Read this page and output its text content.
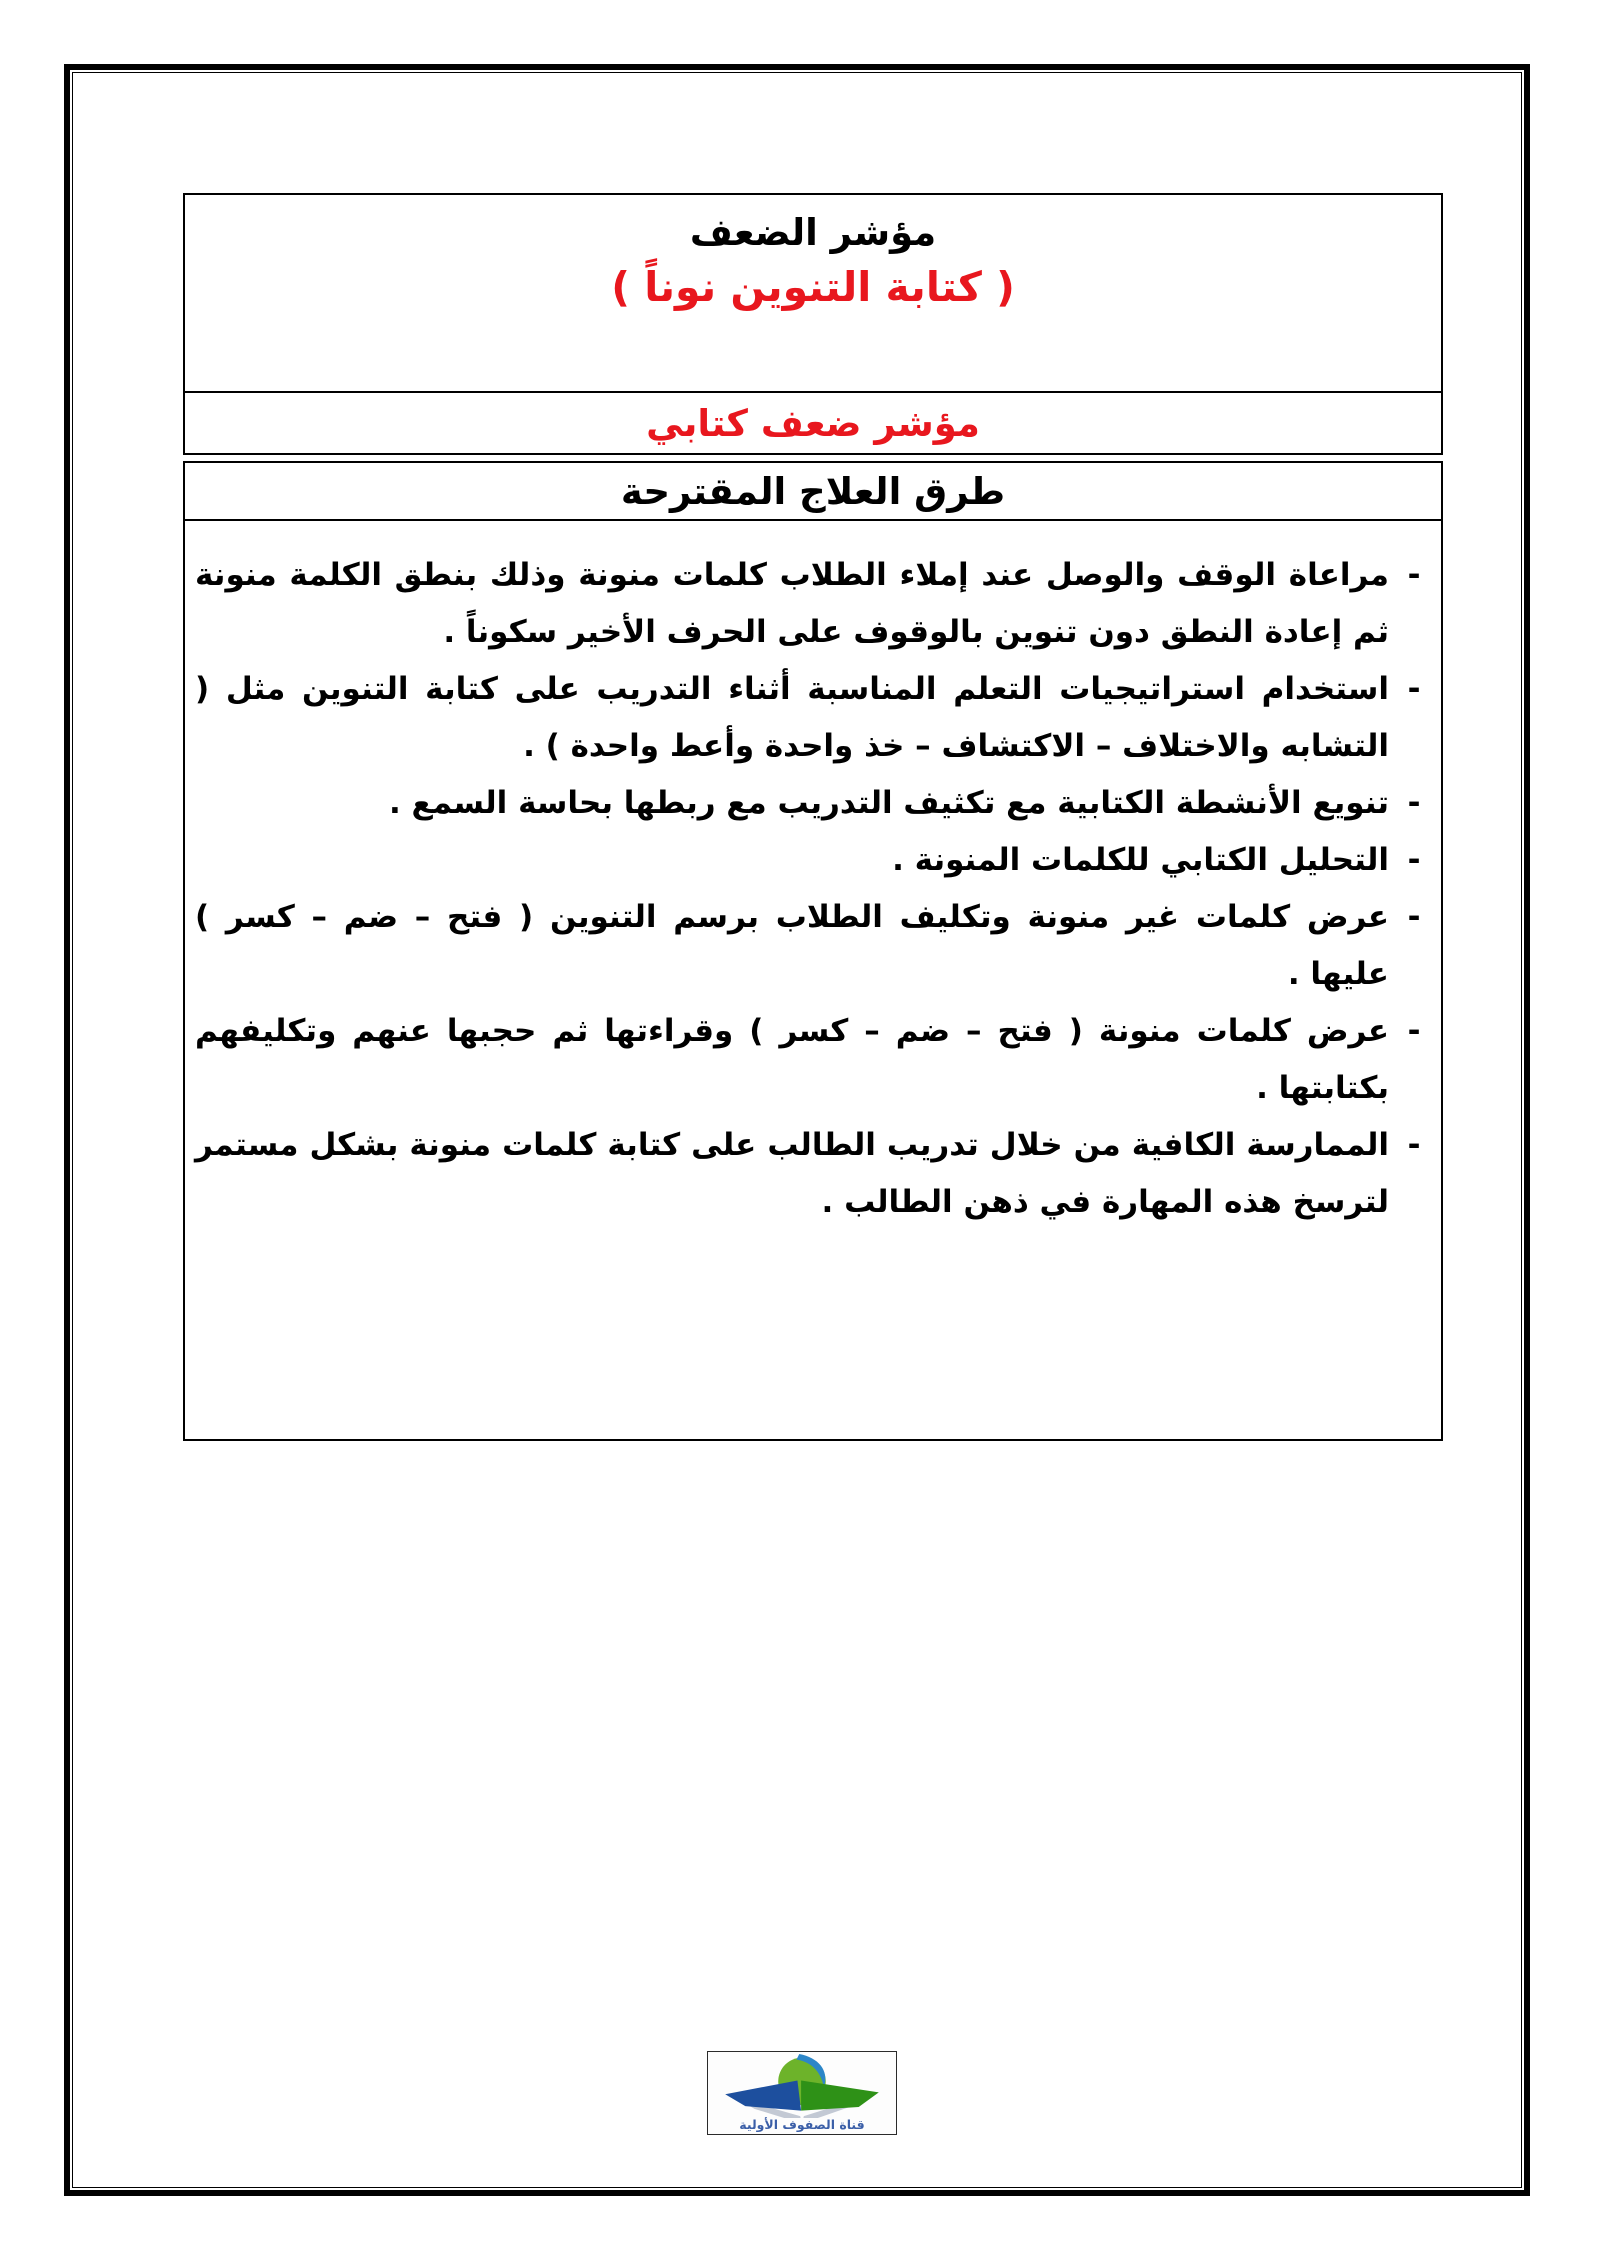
مؤشر الضعف
( كتابة التنوين نوناً )
مؤشر ضعف كتابي
طرق العلاج المقترحة
-
مراعاة الوقف والوصل عند إملاء الطلاب كلمات منونة وذلك بنطق الكلمة منونة ثم إعادة النطق دون تنوين بالوقوف على الحرف الأخير سكوناً .
-
استخدام استراتيجيات التعلم المناسبة أثناء التدريب على كتابة التنوين مثل ( التشابه والاختلاف – الاكتشاف – خذ واحدة وأعط واحدة ) .
-
تنويع الأنشطة الكتابية مع تكثيف التدريب مع ربطها بحاسة السمع .
-
التحليل الكتابي للكلمات المنونة .
-
عرض كلمات غير منونة وتكليف الطلاب برسم التنوين ( فتح – ضم – كسر ) عليها .
-
عرض كلمات منونة ( فتح – ضم – كسر ) وقراءتها ثم حجبها عنهم وتكليفهم بكتابتها .
-
الممارسة الكافية من خلال تدريب الطالب على كتابة كلمات منونة بشكل مستمر لترسخ هذه المهارة في ذهن الطالب .
قناة الصفوف الأولية
